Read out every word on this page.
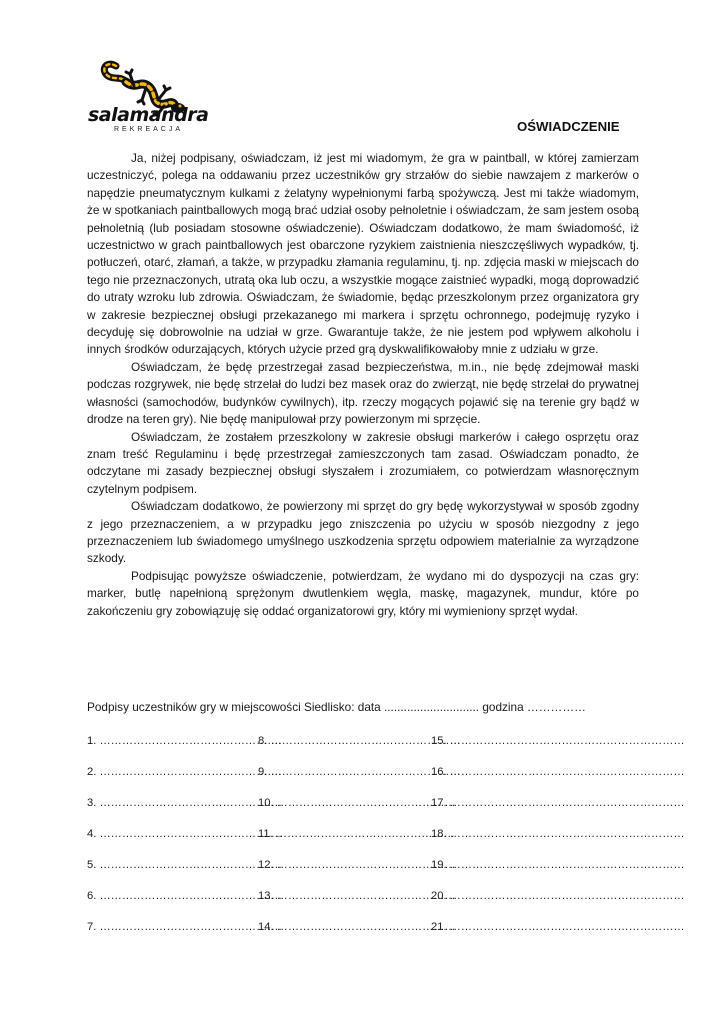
salamandra
REKREACJA	OŚWIADCZENIE

Ja, niżej podpisany, oświadczam, iż jest mi wiadomym, że gra w paintball, w której zamierzam uczestniczyć, polega na oddawaniu przez uczestników gry strzałów do siebie nawzajem z markerów o napędzie pneumatycznym kulkami z żelatyny wypełnionymi farbą spożywczą. Jest mi także wiadomym, że w spotkaniach paintballowych mogą brać udział osoby pełnoletnie i oświadczam, że sam jestem osobą pełnoletnią (lub posiadam stosowne oświadczenie). Oświadczam dodatkowo, że mam świadomość, iż uczestnictwo w grach paintballowych jest obarczone ryzykiem zaistnienia nieszczęśliwych wypadków, tj. potłuczeń, otarć, złamań, a także, w przypadku złamania regulaminu, tj. np. zdjęcia maski w miejscach do tego nie przeznaczonych, utratą oka lub oczu, a wszystkie mogące zaistnieć wypadki, mogą doprowadzić do utraty wzroku lub zdrowia. Oświadczam, że świadomie, będąc przeszkolonym przez organizatora gry w zakresie bezpiecznej obsługi przekazanego mi markera i sprzętu ochronnego, podejmuję ryzyko i decyduję się dobrowolnie na udział w grze. Gwarantuje także, że nie jestem pod wpływem alkoholu i innych środków odurzających, których użycie przed grą dyskwalifikowałoby mnie z udziału w grze.

Oświadczam, że będę przestrzegał zasad bezpieczeństwa, m.in., nie będę zdejmował maski podczas rozgrywek, nie będę strzelał do ludzi bez masek oraz do zwierząt, nie będę strzelał do prywatnej własności (samochodów, budynków cywilnych), itp. rzeczy mogących pojawić się na terenie gry bądź w drodze na teren gry). Nie będę manipulował przy powierzonym mi sprzęcie.

Oświadczam, że zostałem przeszkolony w zakresie obsługi markerów i całego osprzętu oraz znam treść Regulaminu i będę przestrzegał zamieszczonych tam zasad. Oświadczam ponadto, że odczytane mi zasady bezpiecznej obsługi słyszałem i zrozumiałem, co potwierdzam własnoręcznym czytelnym podpisem.

Oświadczam dodatkowo, że powierzony mi sprzęt do gry będę wykorzystywał w sposób zgodny z jego przeznaczeniem, a w przypadku jego zniszczenia po użyciu w sposób niezgodny z jego przeznaczeniem lub świadomego umyślnego uszkodzenia sprzętu odpowiem materialnie za wyrządzone szkody.

Podpisując powyższe oświadczenie, potwierdzam, że wydano mi do dyspozycji na czas gry: marker, butlę napełnioną sprężonym dwutlenkiem węgla, maskę, magazynek, mundur, które po zakończeniu gry zobowiązuję się oddać organizatorowi gry, który mi wymieniony sprzęt wydał.

Podpisy uczestników gry w miejscowości Siedlisko: data ............................. godzina ……………
1. ………………………………………….
8. ……………………………………………
15. ………………………………………………………
2. ………………………………………….
9. ……………………………………………
16. ………………………………………………………
3. ………………………………………….
10. …………………………………………
17. ………………………………………………………
4. ………………………………………….
11. …………………………………………
18. ………………………………………………………
5. ………………………………………….
12. …………………………………………
19. ………………………………………………………
6. ………………………………………….
13. …………………………………………
20. ………………………………………………………
7. ………………………………………….
14. …………………………………………
21. ………………………………………………………
